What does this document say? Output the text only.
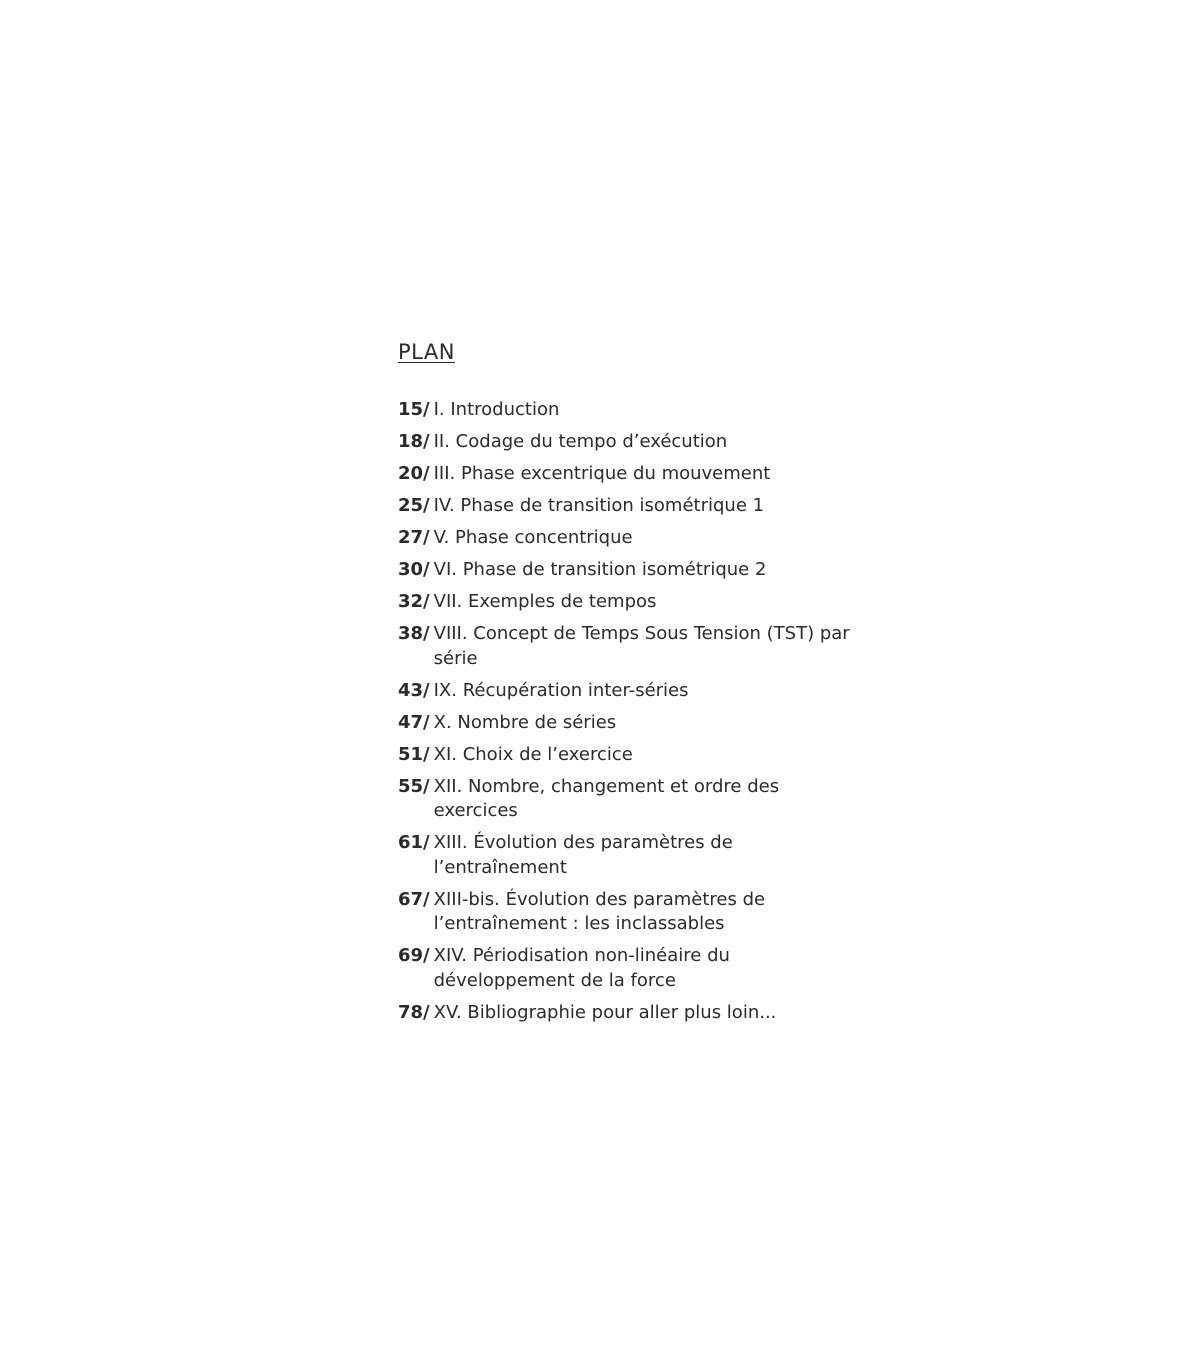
PLAN
15/ I. Introduction
18/ II. Codage du tempo d’exécution
20/ III. Phase excentrique du mouvement
25/ IV. Phase de transition isométrique 1
27/ V. Phase concentrique
30/ VI. Phase de transition isométrique 2
32/ VII. Exemples de tempos
38/ VIII. Concept de Temps Sous Tension (TST) par série
43/ IX. Récupération inter-séries
47/ X. Nombre de séries
51/ XI. Choix de l’exercice
55/ XII. Nombre, changement et ordre des exercices
61/ XIII. Évolution des paramètres de l’entraînement
67/ XIII-bis. Évolution des paramètres de l’entraînement : les inclassables
69/ XIV. Périodisation non-linéaire du développement de la force
78/ XV. Bibliographie pour aller plus loin...
